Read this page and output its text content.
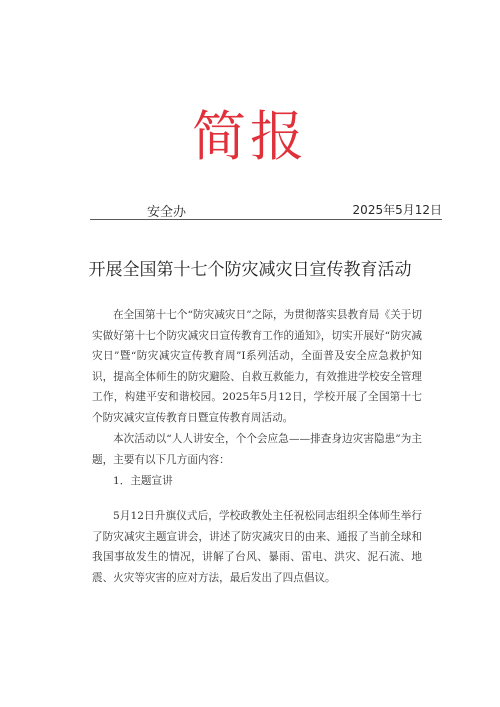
简报
安全办	2025年5月12日
开展全国第十七个防灾减灾日宣传教育活动

在全国第十七个“防灾减灾日”之际，为贯彻落实县教育局《关于切实做好第十七个防灾减灾日宣传教育工作的通知》，切实开展好“防灾减灾日”暨“防灾减灾宣传教育周”I系列活动，全面普及安全应急救护知识，提高全体师生的防灾避险、自救互救能力，有效推进学校安全管理工作，构建平安和谐校园。2025年5月12日，学校开展了全国第十七个防灾减灾宣传教育日暨宣传教育周活动。

本次活动以“人人讲安全，个个会应急——排查身边灾害隐患”为主题，主要有以下几方面内容：

1．主题宣讲

5月12日升旗仪式后，学校政教处主任祝松同志组织全体师生举行了防灾减灾主题宣讲会，讲述了防灾减灾日的由来、通报了当前全球和我国事故发生的情况，讲解了台风、暴雨、雷电、洪灾、泥石流、地震、火灾等灾害的应对方法，最后发出了四点倡议。
